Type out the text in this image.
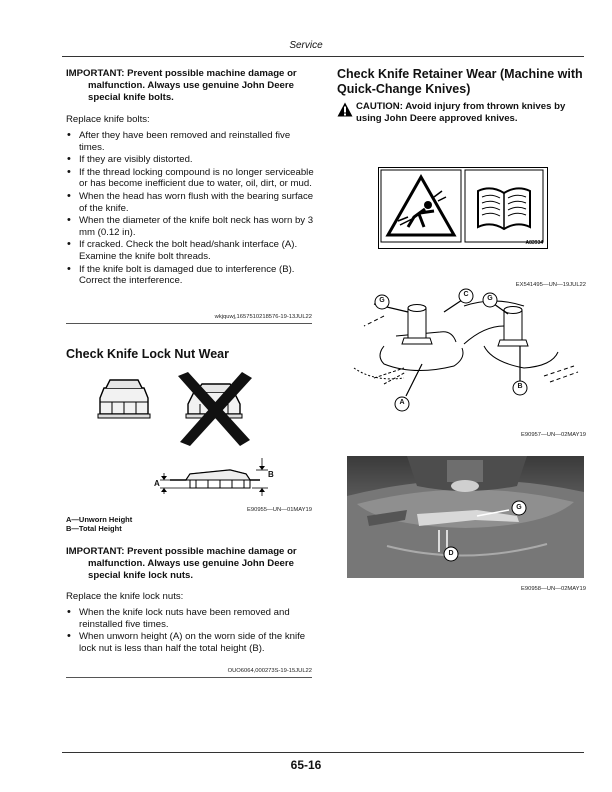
Service
IMPORTANT: Prevent possible machine damage or
malfunction. Always use genuine John Deere
special knife bolts.
Replace knife bolts:
• After they have been removed and reinstalled five times.
• If they are visibly distorted.
• If the thread locking compound is no longer serviceable or has become inefficient due to water, oil, dirt, or mud.
• When the head has worn flush with the bearing surface of the knife.
• When the diameter of the knife bolt neck has worn by 3 mm (0.12 in).
• If cracked. Check the bolt head/shank interface (A). Examine the knife bolt threads.
• If the knife bolt is damaged due to interference (B). Correct the interference.
wkjquwj,1657510218576-19-13JUL22
Check Knife Lock Nut Wear
A
B
E90955—UN—01MAY19
A—Unworn Height
B—Total Height
IMPORTANT: Prevent possible machine damage or
malfunction. Always use genuine John Deere
special knife lock nuts.
Replace the knife lock nuts:
• When the knife lock nuts have been removed and reinstalled five times.
• When unworn height (A) on the worn side of the knife lock nut is less than half the total height (B).
OUO6064,000273S-19-15JUL22
Check Knife Retainer Wear (Machine with
Quick-Change Knives)
CAUTION: Avoid injury from thrown knives by
using John Deere approved knives.
A83934
EX541495—UN—19JUL22
G
C
G
B
A
E90957—UN—02MAY19
G
D
E90958—UN—02MAY19
65-16
